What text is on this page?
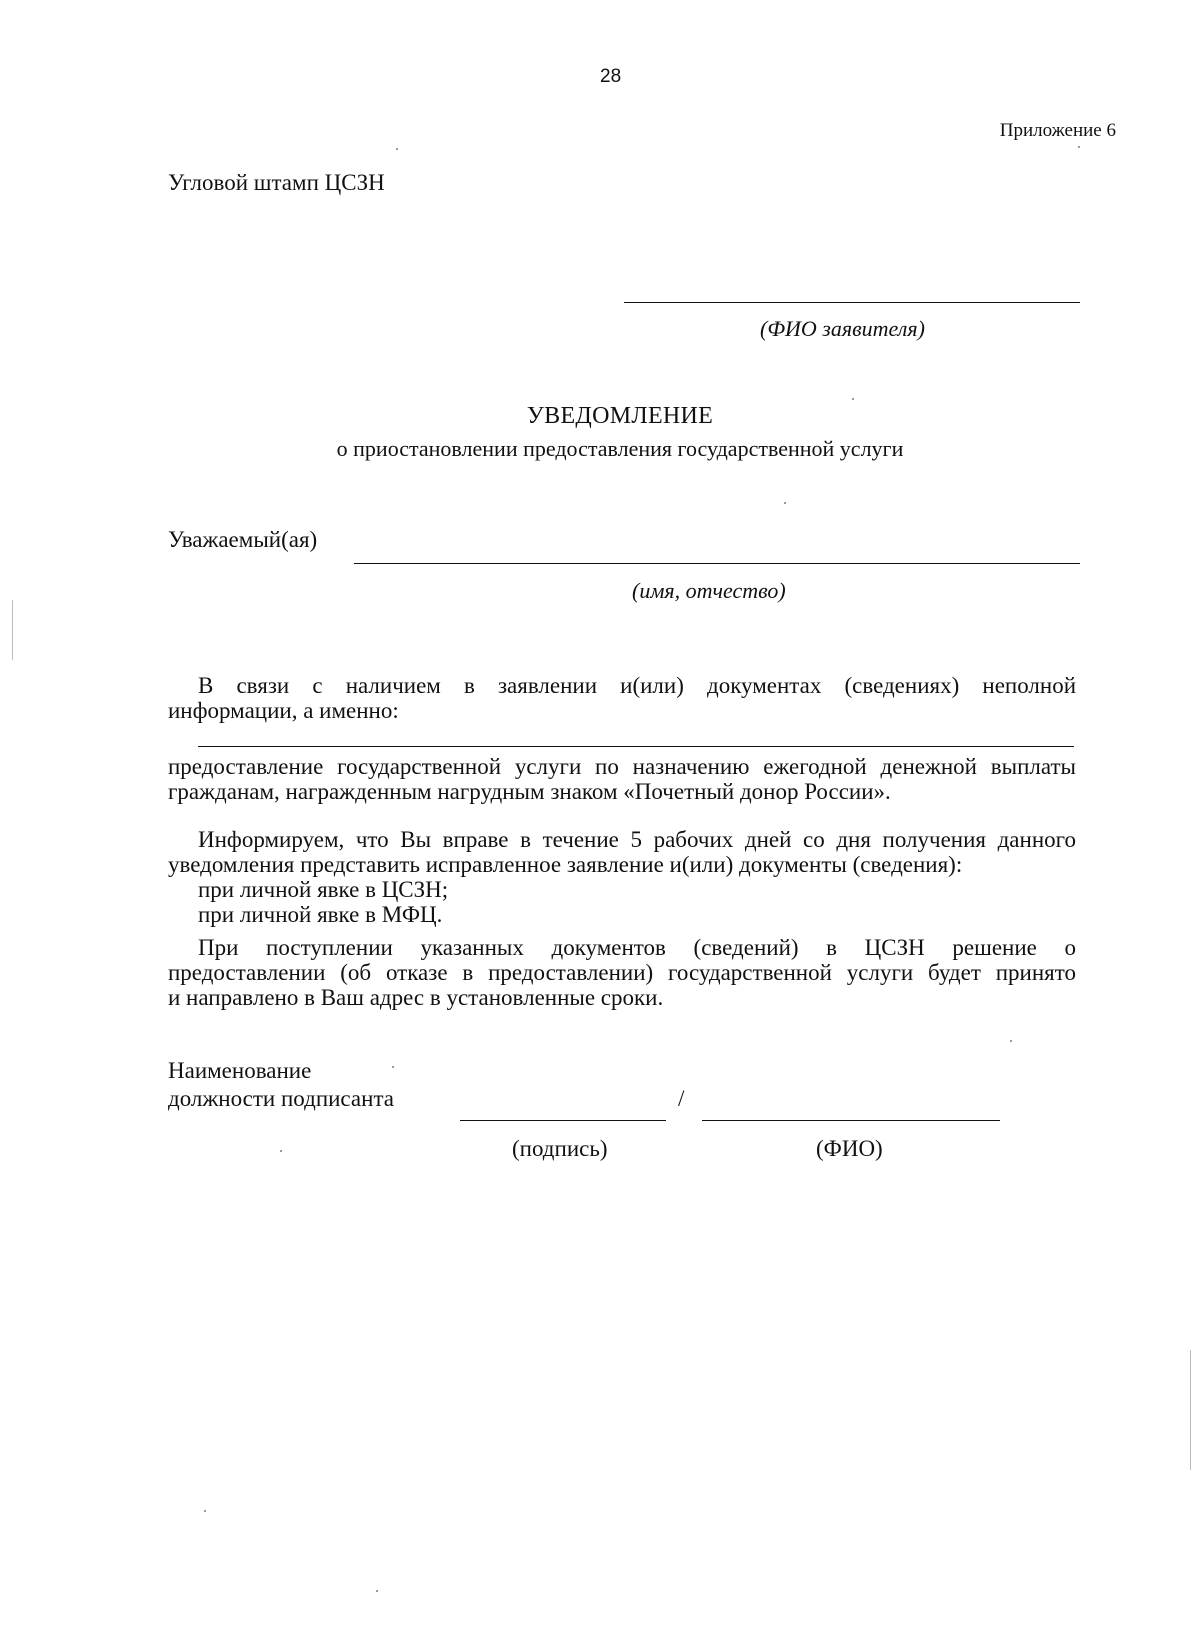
28
Приложение 6
Угловой штамп ЦСЗН
(ФИО заявителя)
УВЕДОМЛЕНИЕ
о приостановлении предоставления государственной услуги
Уважаемый(ая)
(имя, отчество)
В связи с наличием в заявлении и(или) документах (сведениях) неполной
информации, а именно:
предоставление государственной услуги по назначению ежегодной денежной выплаты
гражданам, награжденным нагрудным знаком «Почетный донор России».
Информируем, что Вы вправе в течение 5 рабочих дней со дня получения данного
уведомления представить исправленное заявление и(или) документы (сведения):
при личной явке в ЦСЗН;
при личной явке в МФЦ.
При поступлении указанных документов (сведений) в ЦСЗН решение о
предоставлении (об отказе в предоставлении) государственной услуги будет принято
и направлено в Ваш адрес в установленные сроки.
Наименование
должности подписанта	/
(подпись)	(ФИО)
